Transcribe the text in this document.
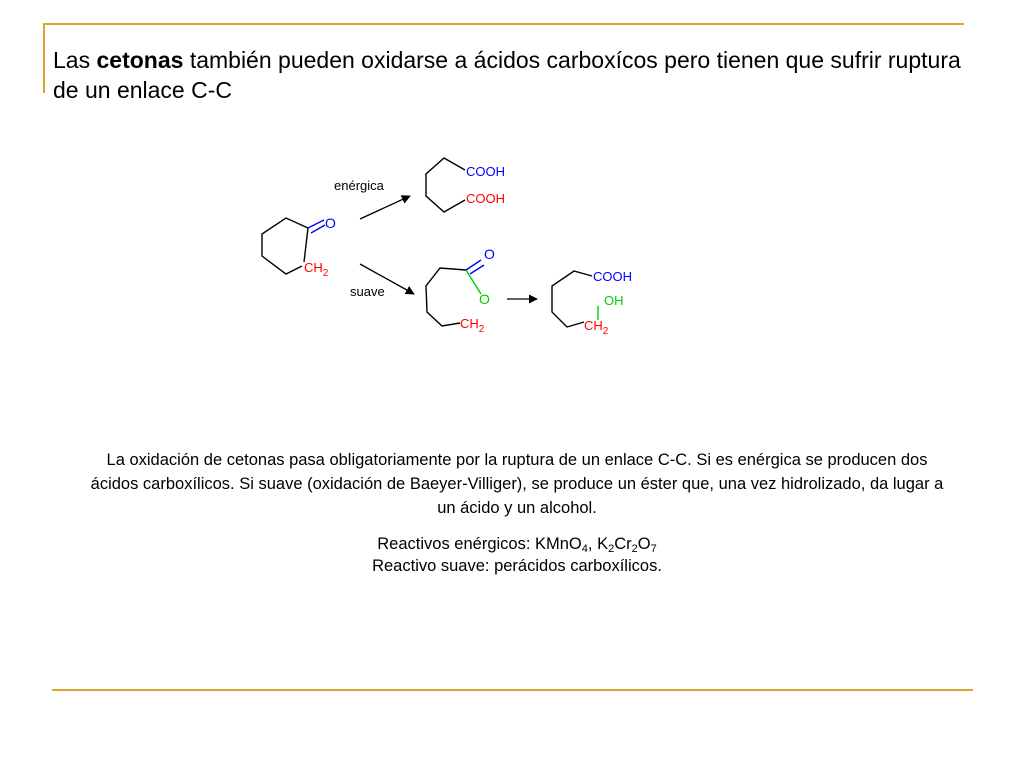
Las cetonas también pueden oxidarse a ácidos carboxícos pero tienen que sufrir ruptura de un enlace C-C

O
$CH_2$
enérgica
COOH
COOH
suave
O
O
$CH_2$
COOH
OH
$CH_2$

La oxidación de cetonas pasa obligatoriamente por la ruptura de un enlace C-C. Si es enérgica se producen dos ácidos carboxílicos. Si suave (oxidación de Baeyer-Villiger), se produce un éster que, una vez hidrolizado, da lugar a un ácido y un alcohol.

Reactivos enérgicos: KMnO$_4$, $K_2Cr_2O_7$
Reactivo suave: perácidos carboxílicos.
